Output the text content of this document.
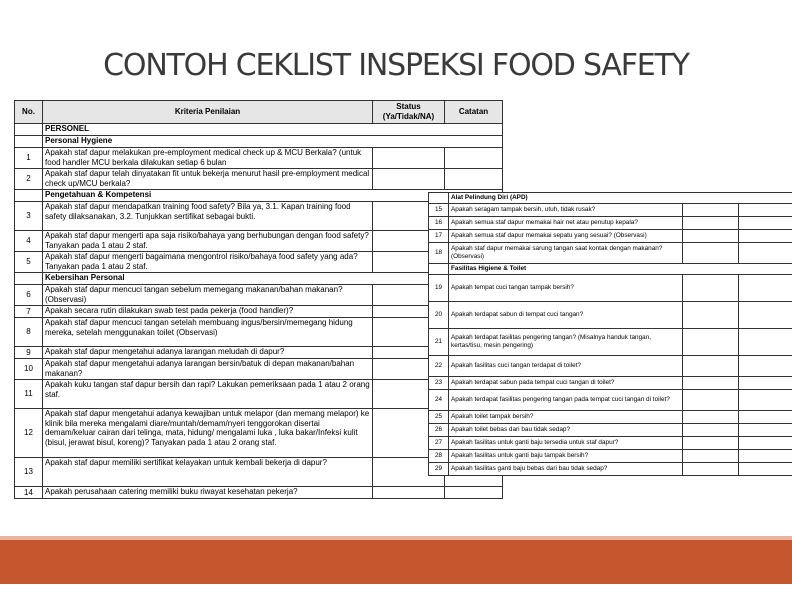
CONTOH CEKLIST INSPEKSI FOOD SAFETY
No.	Kriteria Penilaian	Status (Ya/Tidak/NA)	Catatan
	PERSONEL		
	Personal Hygiene		
1	Apakah staf dapur melakukan pre-employment medical check up & MCU Berkala? (untuk food handler MCU berkala dilakukan setiap 6 bulan		
2	Apakah staf dapur telah dinyatakan fit untuk bekerja menurut hasil pre-employment medical check up/MCU berkala?		
	Pengetahuan & Kompetensi		
3	Apakah staf dapur mendapatkan training food safety? Bila ya, 3.1. Kapan training food safety dilaksanakan, 3.2. Tunjukkan sertifikat sebagai bukti.		
4	Apakah staf dapur mengerti apa saja risiko/bahaya yang berhubungan dengan food safety? Tanyakan pada 1 atau 2 staf.		
5	Apakah staf dapur mengerti bagaimana mengontrol risiko/bahaya food safety yang ada? Tanyakan pada 1 atau 2 staf.		
	Kebersihan Personal		
6	Apakah staf dapur mencuci tangan sebelum memegang makanan/bahan makanan? (Observasi)		
7	Apakah secara rutin dilakukan swab test pada pekerja (food handler)?		
8	Apakah staf dapur mencuci tangan setelah membuang ingus/bersin/memegang hidung mereka, setelah menggunakan toilet (Observasi)		
9	Apakah staf dapur mengetahui adanya larangan meludah di dapur?		
10	Apakah staf dapur mengetahui adanya larangan bersin/batuk di depan makanan/bahan makanan?		
11	Apakah kuku tangan staf dapur bersih dan rapi? Lakukan pemeriksaan pada 1 atau 2 orang staf.		
12	Apakah staf dapur mengetahui adanya kewajiban untuk melapor (dan memang melapor) ke klinik bila mereka mengalami diare/muntah/demam/nyeri tenggorokan disertai demam/keluar cairan dari telinga, mata, hidung/ mengalami luka , luka bakar/Infeksi kulit (bisul, jerawat bisul, koreng)? Tanyakan pada 1 atau 2 orang staf.		
13	Apakah staf dapur memiliki sertifikat kelayakan untuk kembali bekerja di dapur?		
14	Apakah perusahaan catering memiliki buku riwayat kesehatan pekerja?		
	Alat Pelindung Diri (APD)		
15	Apakah seragam tampak bersih, utuh, tidak rusak?		
16	Apakah semua staf dapur memakai hair net atau penutup kepala?		
17	Apakah semua staf dapur memakai sepatu yang sesuai? (Observasi)		
18	Apakah staf dapur memakai sarung tangan saat kontak dengan makanan? (Observasi)		
	Fasilitas Higiene & Toilet		
19	Apakah tempat cuci tangan tampak bersih?		
20	Apakah terdapat sabun di tempat cuci tangan?		
21	Apakah terdapat fasilitas pengering tangan? (Misalnya handuk tangan, kertas/tisu, mesin pengering)		
22	Apakah fasilitas cuci tangan terdapat di toilet?		
23	Apakah terdapat sabun pada tempat cuci tangan di toilet?		
24	Apakah terdapat fasilitas pengering tangan pada tempat cuci tangan di toilet?		
25	Apakah toilet tampak bersih?		
26	Apakah toilet bebas dari bau tidak sedap?		
27	Apakah fasilitas untuk ganti baju tersedia untuk staf dapur?		
28	Apakah fasilitas untuk ganti baju tampak bersih?		
29	Apakah fasilitas ganti baju bebas dari bau tidak sedap?		
